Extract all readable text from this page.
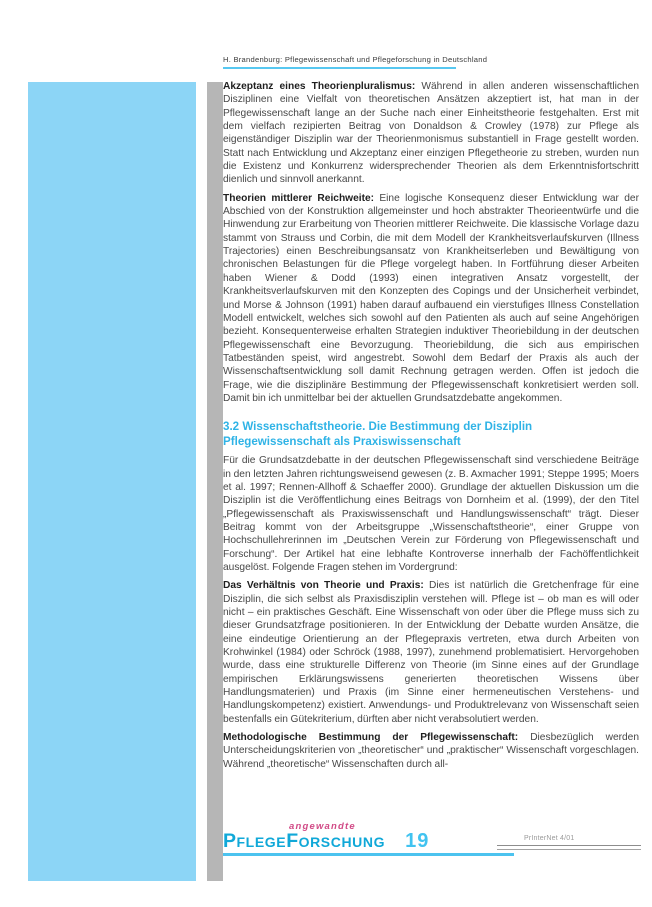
H. Brandenburg: Pflegewissenschaft und Pflegeforschung in Deutschland

Akzeptanz eines Theorienpluralismus: Während in allen anderen wissenschaftlichen Disziplinen eine Vielfalt von theoretischen Ansätzen akzeptiert ist, hat man in der Pflegewissenschaft lange an der Suche nach einer Einheitstheorie festgehalten. Erst mit dem vielfach rezipierten Beitrag von Donaldson & Crowley (1978) zur Pflege als eigenständiger Disziplin war der Theorienmonismus substantiell in Frage gestellt worden. Statt nach Entwicklung und Akzeptanz einer einzigen Pflegetheorie zu streben, wurden nun die Existenz und Konkurrenz widersprechender Theorien als dem Erkenntnisfortschritt dienlich und sinnvoll anerkannt.

Theorien mittlerer Reichweite: Eine logische Konsequenz dieser Entwicklung war der Abschied von der Konstruktion allgemeinster und hoch abstrakter Theorieentwürfe und die Hinwendung zur Erarbeitung von Theorien mittlerer Reichweite. Die klassische Vorlage dazu stammt von Strauss und Corbin, die mit dem Modell der Krankheitsverlaufskurven (Illness Trajectories) einen Beschreibungsansatz von Krankheitserleben und Bewältigung von chronischen Belastungen für die Pflege vorgelegt haben. In Fortführung dieser Arbeiten haben Wiener & Dodd (1993) einen integrativen Ansatz vorgestellt, der Krankheitsverlaufskurven mit den Konzepten des Copings und der Unsicherheit verbindet, und Morse & Johnson (1991) haben darauf aufbauend ein vierstufiges Illness Constellation Modell entwickelt, welches sich sowohl auf den Patienten als auch auf seine Angehörigen bezieht. Konsequenterweise erhalten Strategien induktiver Theoriebildung in der deutschen Pflegewissenschaft eine Bevorzugung. Theoriebildung, die sich aus empirischen Tatbeständen speist, wird angestrebt. Sowohl dem Bedarf der Praxis als auch der Wissenschaftsentwicklung soll damit Rechnung getragen werden. Offen ist jedoch die Frage, wie die disziplinäre Bestimmung der Pflegewissenschaft konkretisiert werden soll. Damit bin ich unmittelbar bei der aktuellen Grundsatzdebatte angekommen.

3.2 Wissenschaftstheorie. Die Bestimmung der Disziplin Pflegewissenschaft als Praxiswissenschaft

Für die Grundsatzdebatte in der deutschen Pflegewissenschaft sind verschiedene Beiträge in den letzten Jahren richtungsweisend gewesen (z. B. Axmacher 1991; Steppe 1995; Moers et al. 1997; Rennen-Allhoff & Schaeffer 2000). Grundlage der aktuellen Diskussion um die Disziplin ist die Veröffentlichung eines Beitrags von Dornheim et al. (1999), der den Titel „Pflegewissenschaft als Praxiswissenschaft und Handlungswissenschaft“ trägt. Dieser Beitrag kommt von der Arbeitsgruppe „Wissenschaftstheorie“, einer Gruppe von Hochschullehrerinnen im „Deutschen Verein zur Förderung von Pflegewissenschaft und Forschung“. Der Artikel hat eine lebhafte Kontroverse innerhalb der Fachöffentlichkeit ausgelöst. Folgende Fragen stehen im Vordergrund:

Das Verhältnis von Theorie und Praxis: Dies ist natürlich die Gretchenfrage für eine Disziplin, die sich selbst als Praxisdisziplin verstehen will. Pflege ist – ob man es will oder nicht – ein praktisches Geschäft. Eine Wissenschaft von oder über die Pflege muss sich zu dieser Grundsatzfrage positionieren. In der Entwicklung der Debatte wurden Ansätze, die eine eindeutige Orientierung an der Pflegepraxis vertreten, etwa durch Arbeiten von Krohwinkel (1984) oder Schröck (1988, 1997), zunehmend problematisiert. Hervorgehoben wurde, dass eine strukturelle Differenz von Theorie (im Sinne eines auf der Grundlage empirischen Erklärungswissens generierten theoretischen Wissens über Handlungsmaterien) und Praxis (im Sinne einer hermeneutischen Verstehens- und Handlungskompetenz) existiert. Anwendungs- und Produktrelevanz von Wissenschaft seien bestenfalls ein Gütekriterium, dürften aber nicht verabsolutiert werden.

Methodologische Bestimmung der Pflegewissenschaft: Diesbezüglich werden Unterscheidungskriterien von „theoretischer“ und „praktischer“ Wissenschaft vorgeschlagen. Während „theoretische“ Wissenschaften durch all-

angewandte
PFLEGEFORSCHUNG 19	PrInterNet 4/01
